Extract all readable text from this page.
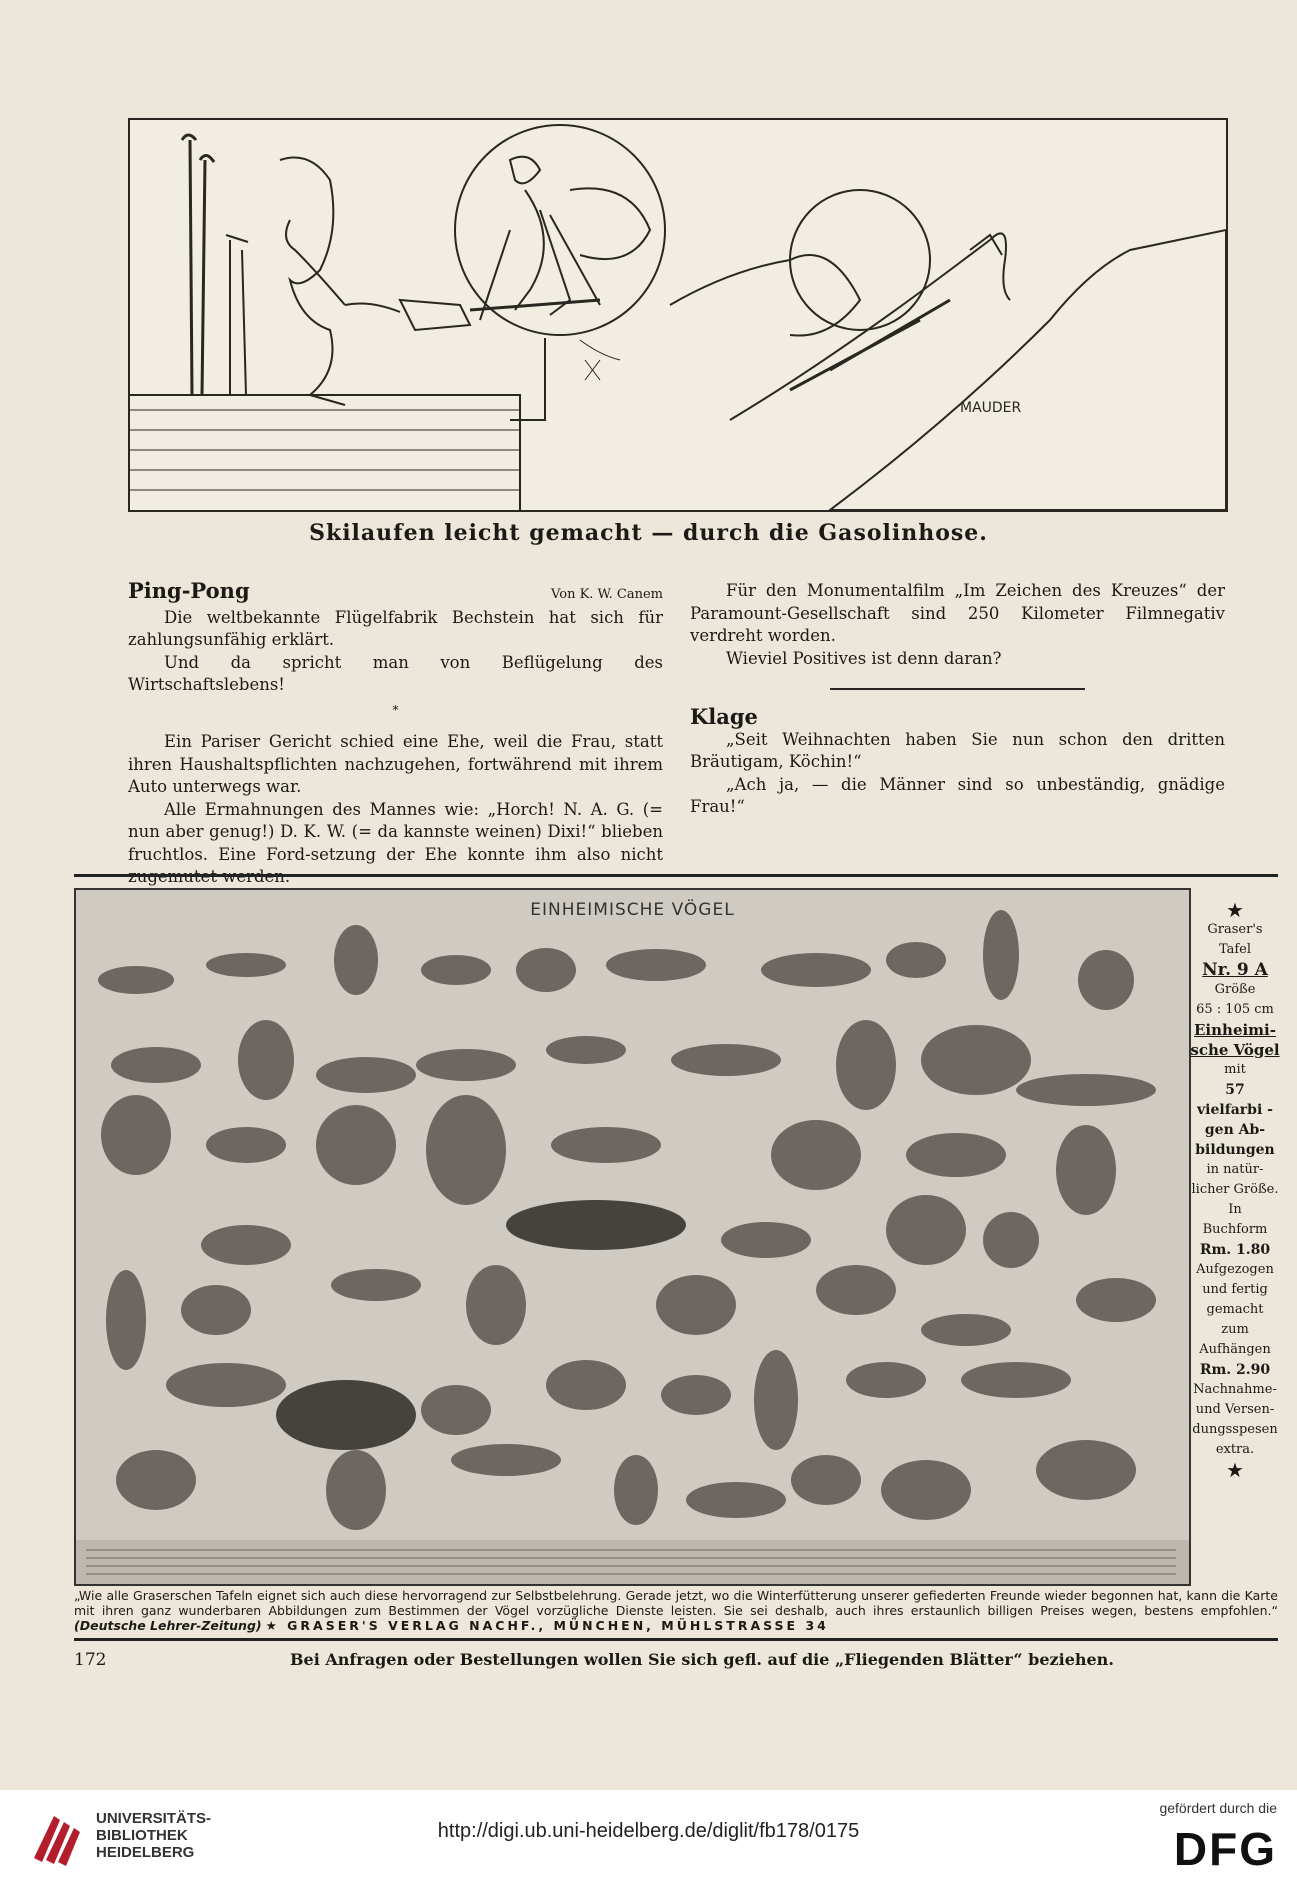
MAUDER
Skilaufen leicht gemacht — durch die Gasolinhose.
Ping-Pong	Von K. W. Canem

Die weltbekannte Flügelfabrik Bechstein hat sich für zahlungsunfähig erklärt.

Und da spricht man von Beflügelung des Wirtschaftslebens!

*

Ein Pariser Gericht schied eine Ehe, weil die Frau, statt ihren Haushaltspflichten nachzugehen, fortwährend mit ihrem Auto unterwegs war.

Alle Ermahnungen des Mannes wie: „Horch! N. A. G. (= nun aber genug!) D. K. W. (= da kannste weinen) Dixi!“ blieben fruchtlos. Eine Ford-setzung der Ehe konnte ihm also nicht

Für den Monumentalfilm „Im Zeichen des Kreuzes“ der Paramount-Gesellschaft sind 250 Kilometer Filmnegativ verdreht worden.

Wieviel Positives ist denn daran?

Klage

„Seit Weihnachten haben Sie nun schon den dritten Bräutigam, Köchin!“

„Ach ja, — die Männer sind so unbeständig, gnädige Frau!“

EINHEIMISCHE VÖGEL	★
Graser's
Tafel
Nr. 9 A
Größe
65 : 105 cm
Einheimi-
sche Vögel
mit
57
vielfarbi -
gen Ab-
bildungen
in natür-
licher Größe.
In
Buchform
Rm. 1.80
Aufgezogen
und fertig
gemacht
zum
Aufhängen
Rm. 2.90
Nachnahme-
und Versen-
dungsspesen
extra.
★
„Wie alle Graserschen Tafeln eignet sich auch diese hervorragend zur Selbstbelehrung. Gerade jetzt, wo die Winterfütterung unserer gefiederten Freunde wieder begonnen hat, kann die Karte mit ihren ganz wunderbaren Abbildungen zum Bestimmen der Vögel vorzügliche Dienste leisten. Sie sei deshalb, auch ihres erstaunlich billigen Preises wegen, bestens empfohlen.“ (Deutsche Lehrer-Zeitung) ★ GRASER'S VERLAG NACHF., MÜNCHEN, MÜHLSTRASSE 34
172	Bei Anfragen oder Bestellungen wollen Sie sich gefl. auf die „Fliegenden Blätter“ beziehen.
UNIVERSITÄTS-
BIBLIOTHEK
HEIDELBERG
http://digi.ub.uni-heidelberg.de/diglit/fb178/0175
gefördert durch die
DFG
